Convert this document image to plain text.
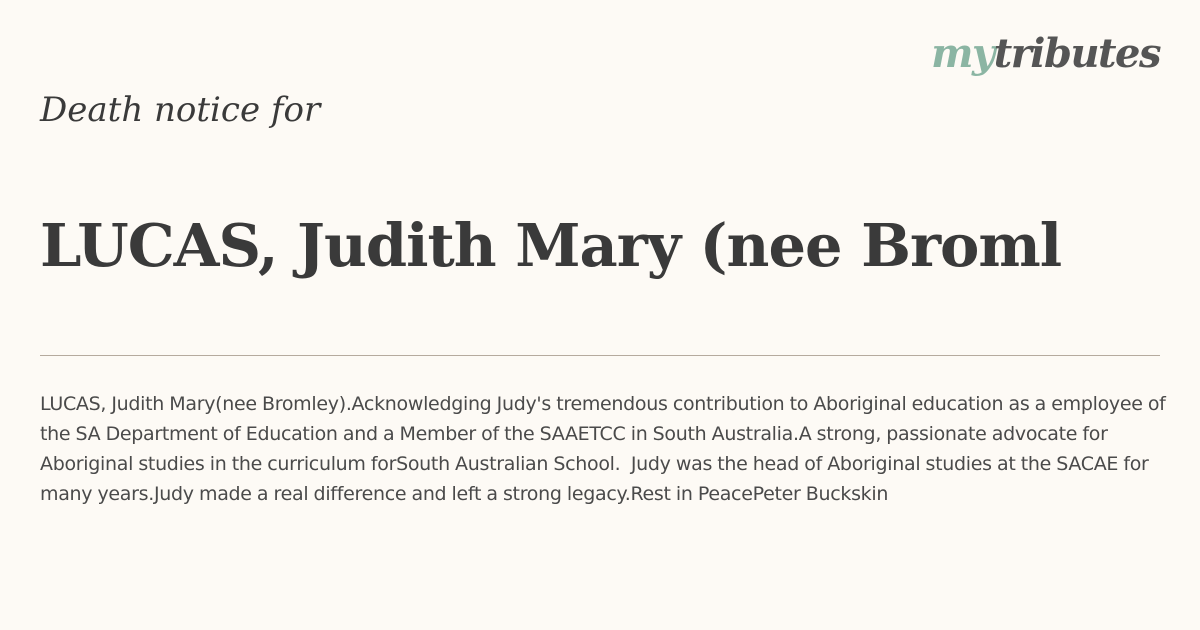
mytributes
Death notice for
LUCAS, Judith Mary (nee Broml
LUCAS, Judith Mary(nee Bromley).Acknowledging Judy's tremendous contribution to Aboriginal education as a employee of the SA Department of Education and a Member of the SAAETCC in South Australia.A strong, passionate advocate for Aboriginal studies in the curriculum forSouth Australian School.  Judy was the head of Aboriginal studies at the SACAE for many years.Judy made a real difference and left a strong legacy.Rest in PeacePeter Buckskin
